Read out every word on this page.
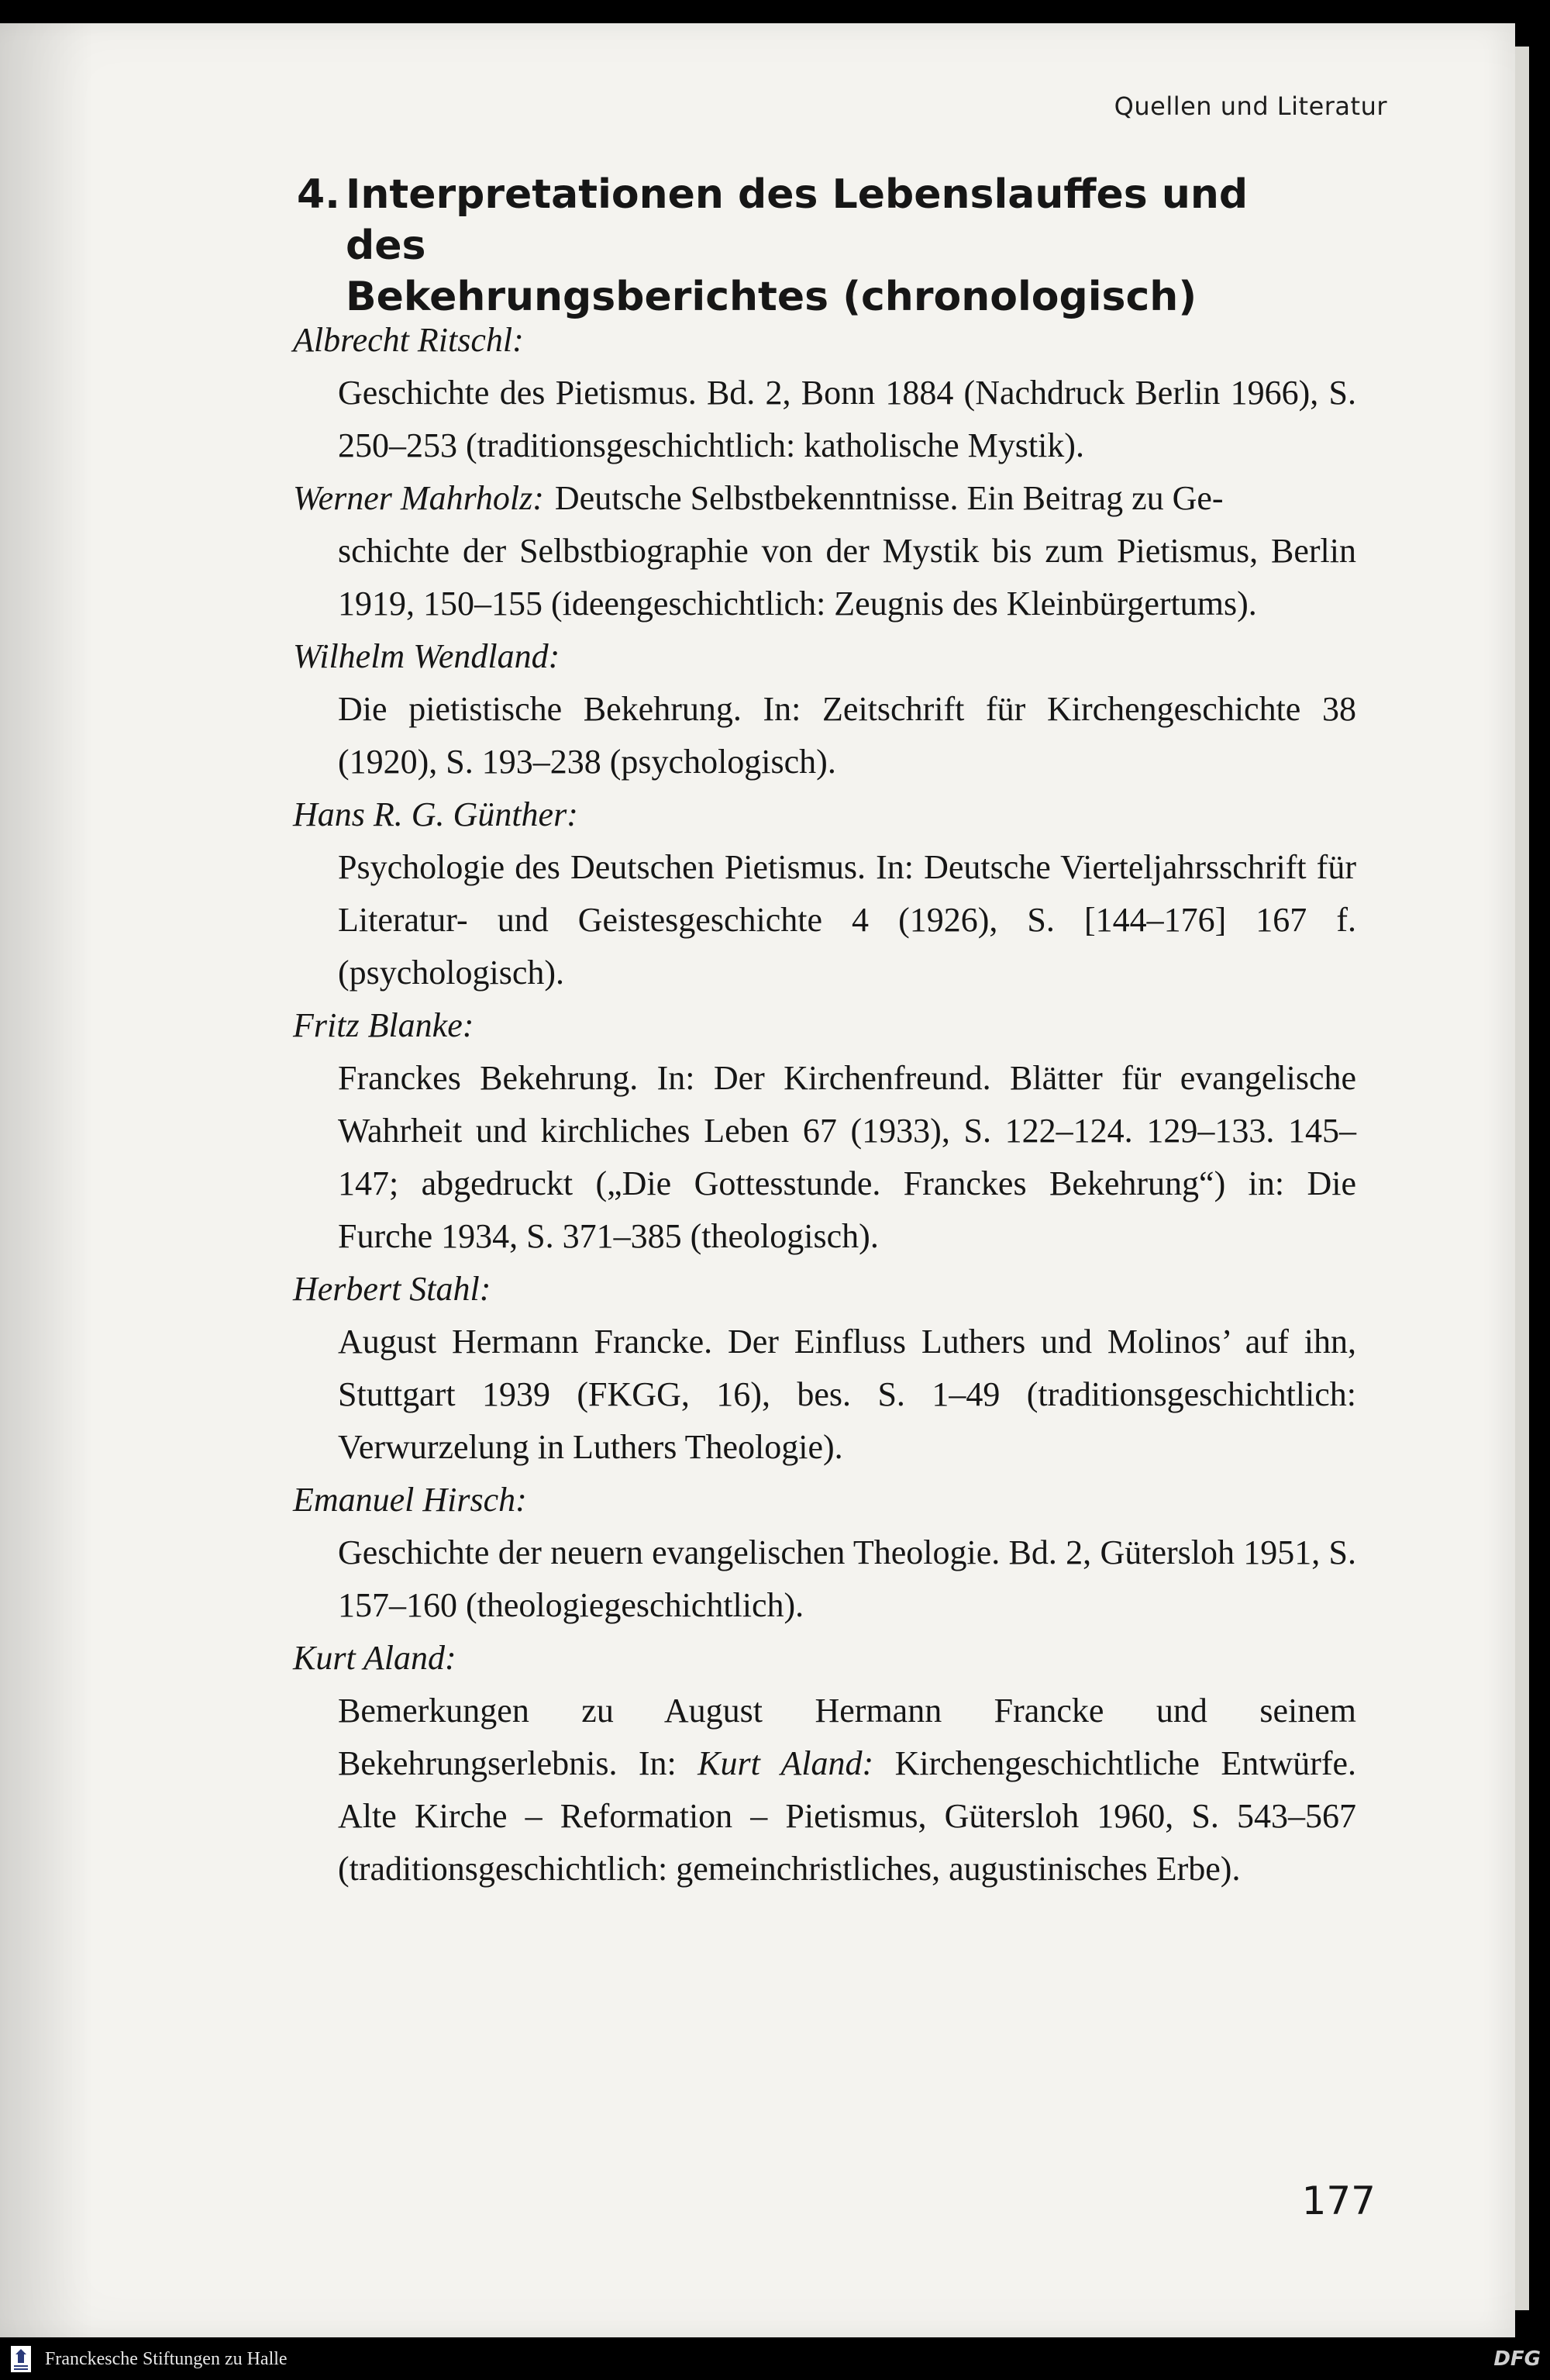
Quellen und Literatur
4. Interpretationen des Lebenslauffes und des
Bekehrungsberichtes (chronologisch)
Albrecht Ritschl:
Geschichte des Pietismus. Bd. 2, Bonn 1884 (Nachdruck Berlin 1966), S. 250–253 (traditionsgeschichtlich: katholische Mystik).
Werner Mahrholz: Deutsche Selbstbekenntnisse. Ein Beitrag zu Ge-
schichte der Selbstbiographie von der Mystik bis zum Pietismus, Berlin 1919, 150–155 (ideengeschichtlich: Zeugnis des Kleinbürgertums).
Wilhelm Wendland:
Die pietistische Bekehrung. In: Zeitschrift für Kirchengeschichte 38 (1920), S. 193–238 (psychologisch).
Hans R. G. Günther:
Psychologie des Deutschen Pietismus. In: Deutsche Vierteljahrsschrift für Literatur- und Geistesgeschichte 4 (1926), S. [144–176] 167 f. (psychologisch).
Fritz Blanke:
Franckes Bekehrung. In: Der Kirchenfreund. Blätter für evangelische Wahrheit und kirchliches Leben 67 (1933), S. 122–124. 129–133. 145–147; abgedruckt („Die Gottesstunde. Franckes Bekehrung“) in: Die Furche 1934, S. 371–385 (theologisch).
Herbert Stahl:
August Hermann Francke. Der Einfluss Luthers und Molinos’ auf ihn, Stuttgart 1939 (FKGG, 16), bes. S. 1–49 (traditionsgeschichtlich: Verwurzelung in Luthers Theologie).
Emanuel Hirsch:
Geschichte der neuern evangelischen Theologie. Bd. 2, Gütersloh 1951, S. 157–160 (theologiegeschichtlich).
Kurt Aland:
Bemerkungen zu August Hermann Francke und seinem Bekehrungserlebnis. In: Kurt Aland: Kirchengeschichtliche Entwürfe. Alte Kirche – Reformation – Pietismus, Gütersloh 1960, S. 543–567 (traditionsgeschichtlich: gemeinchristliches, augustinisches Erbe).
177
Franckesche Stiftungen zu Halle	DFG
